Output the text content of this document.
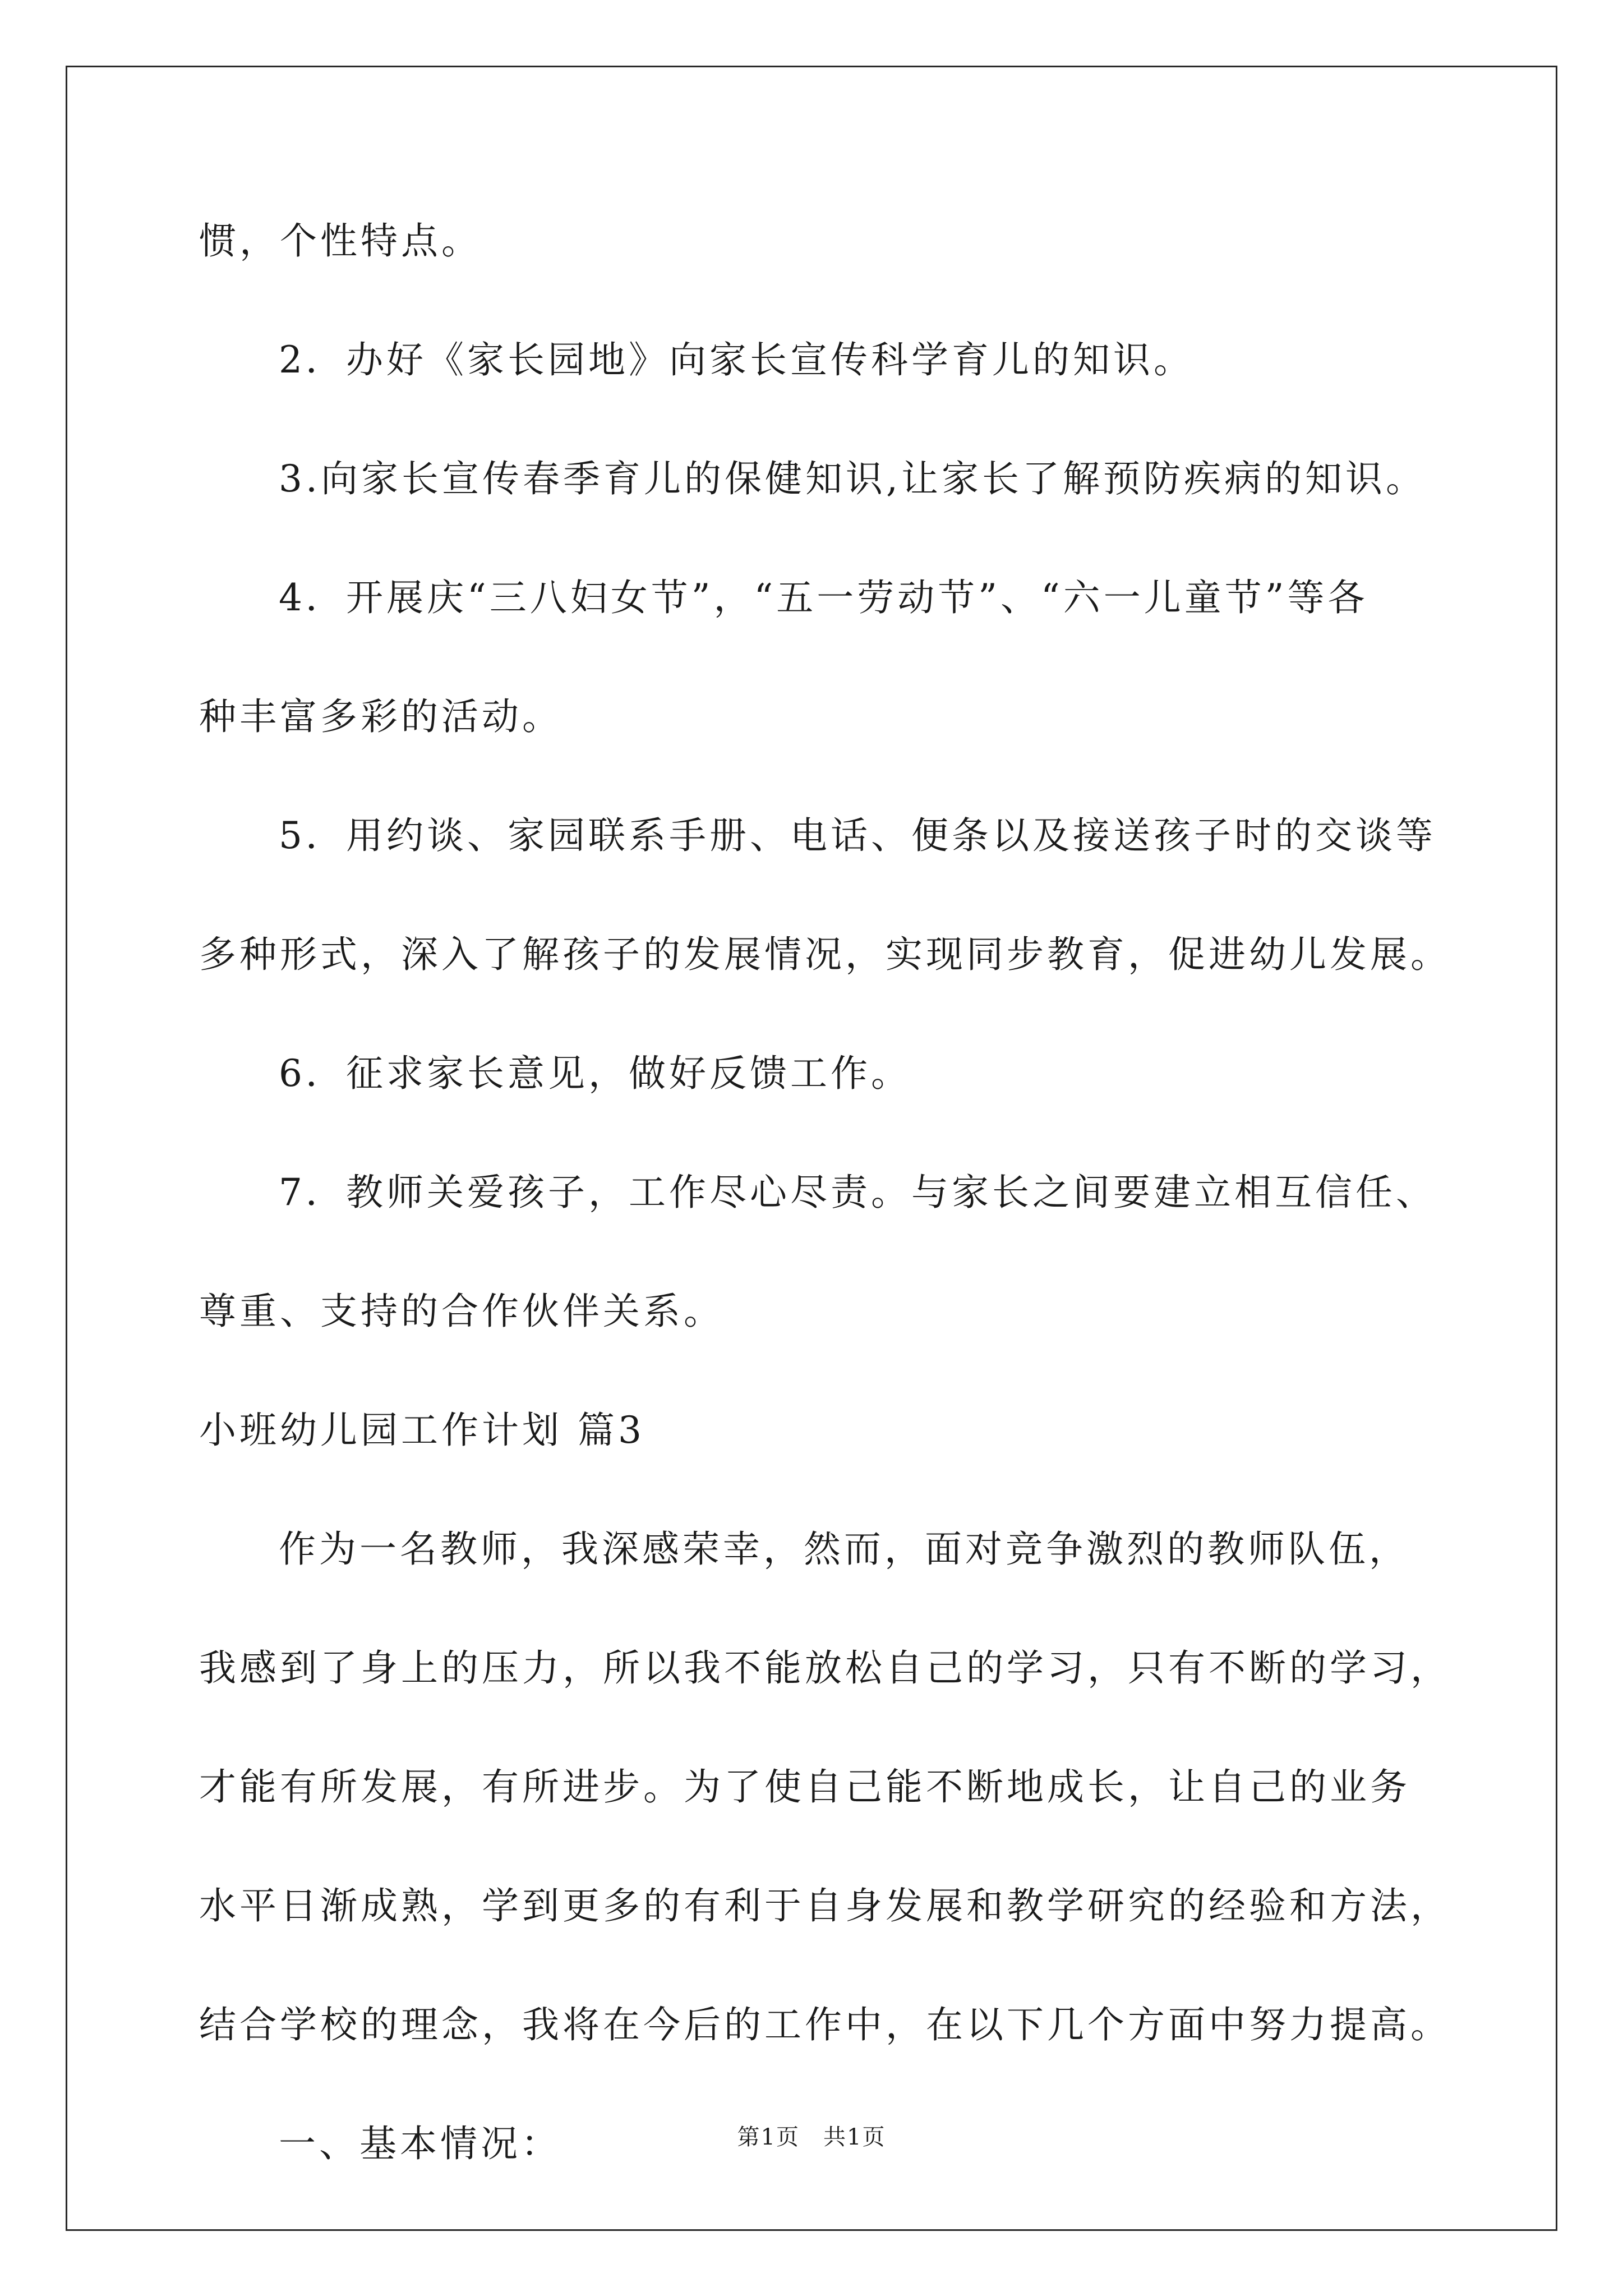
惯，个性特点。
2．办好《家长园地》向家长宣传科学育儿的知识。
3.向家长宣传春季育儿的保健知识,让家长了解预防疾病的知识。
4．开展庆“三八妇女节”，“五一劳动节”、“六一儿童节”等各
种丰富多彩的活动。
5．用约谈、家园联系手册、电话、便条以及接送孩子时的交谈等
多种形式，深入了解孩子的发展情况，实现同步教育，促进幼儿发展。
6．征求家长意见，做好反馈工作。
7．教师关爱孩子，工作尽心尽责。与家长之间要建立相互信任、
尊重、支持的合作伙伴关系。
小班幼儿园工作计划 篇3
作为一名教师，我深感荣幸，然而，面对竞争激烈的教师队伍，
我感到了身上的压力，所以我不能放松自己的学习，只有不断的学习，
才能有所发展，有所进步。为了使自己能不断地成长，让自己的业务
水平日渐成熟，学到更多的有利于自身发展和教学研究的经验和方法，
结合学校的理念，我将在今后的工作中，在以下几个方面中努力提高。
一、基本情况：	第1页　共1页
